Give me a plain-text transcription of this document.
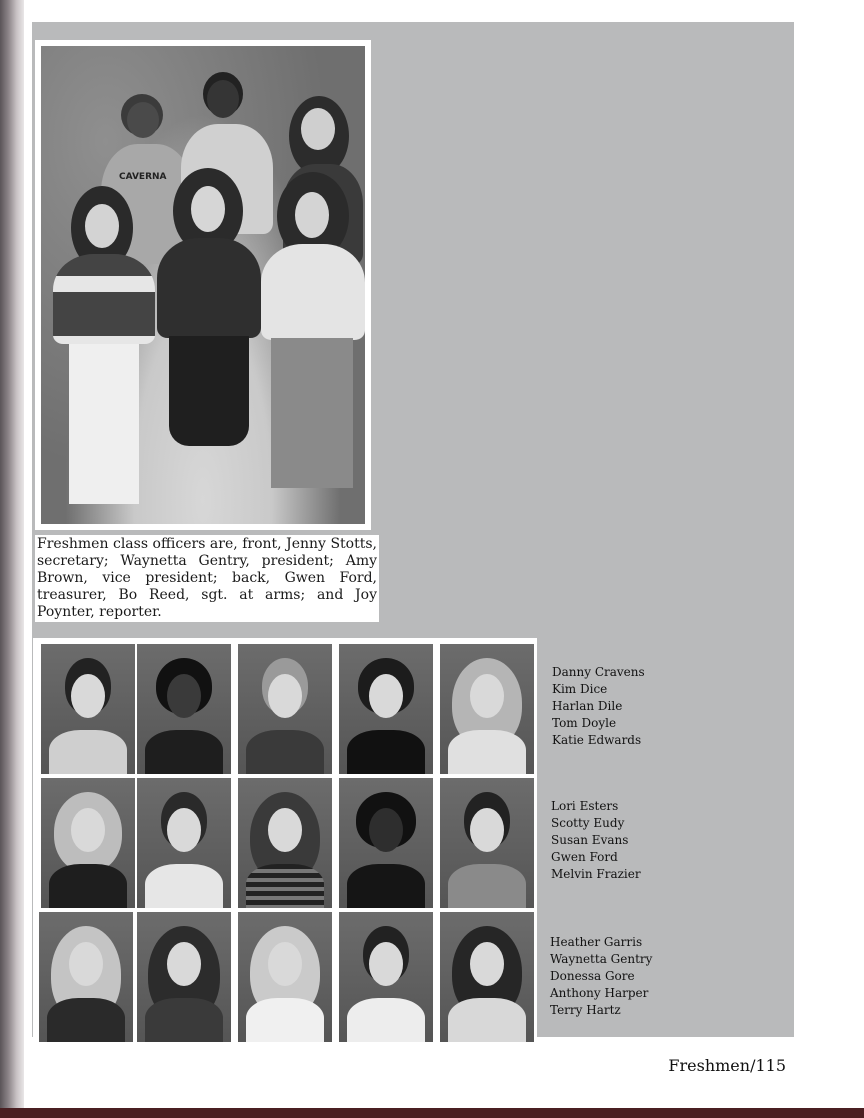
CAVERNA
Freshmen class officers are, front, Jenny Stotts, secretary; Waynetta Gentry, president; Amy Brown, vice president; back, Gwen Ford, treasurer, Bo Reed, sgt. at arms; and Joy Poynter, reporter.
Danny Cravens
Kim Dice
Harlan Dile
Tom Doyle
Katie Edwards
Lori Esters
Scotty Eudy
Susan Evans
Gwen Ford
Melvin Frazier
Heather Garris
Waynetta Gentry
Donessa Gore
Anthony Harper
Terry Hartz
Freshmen/115
